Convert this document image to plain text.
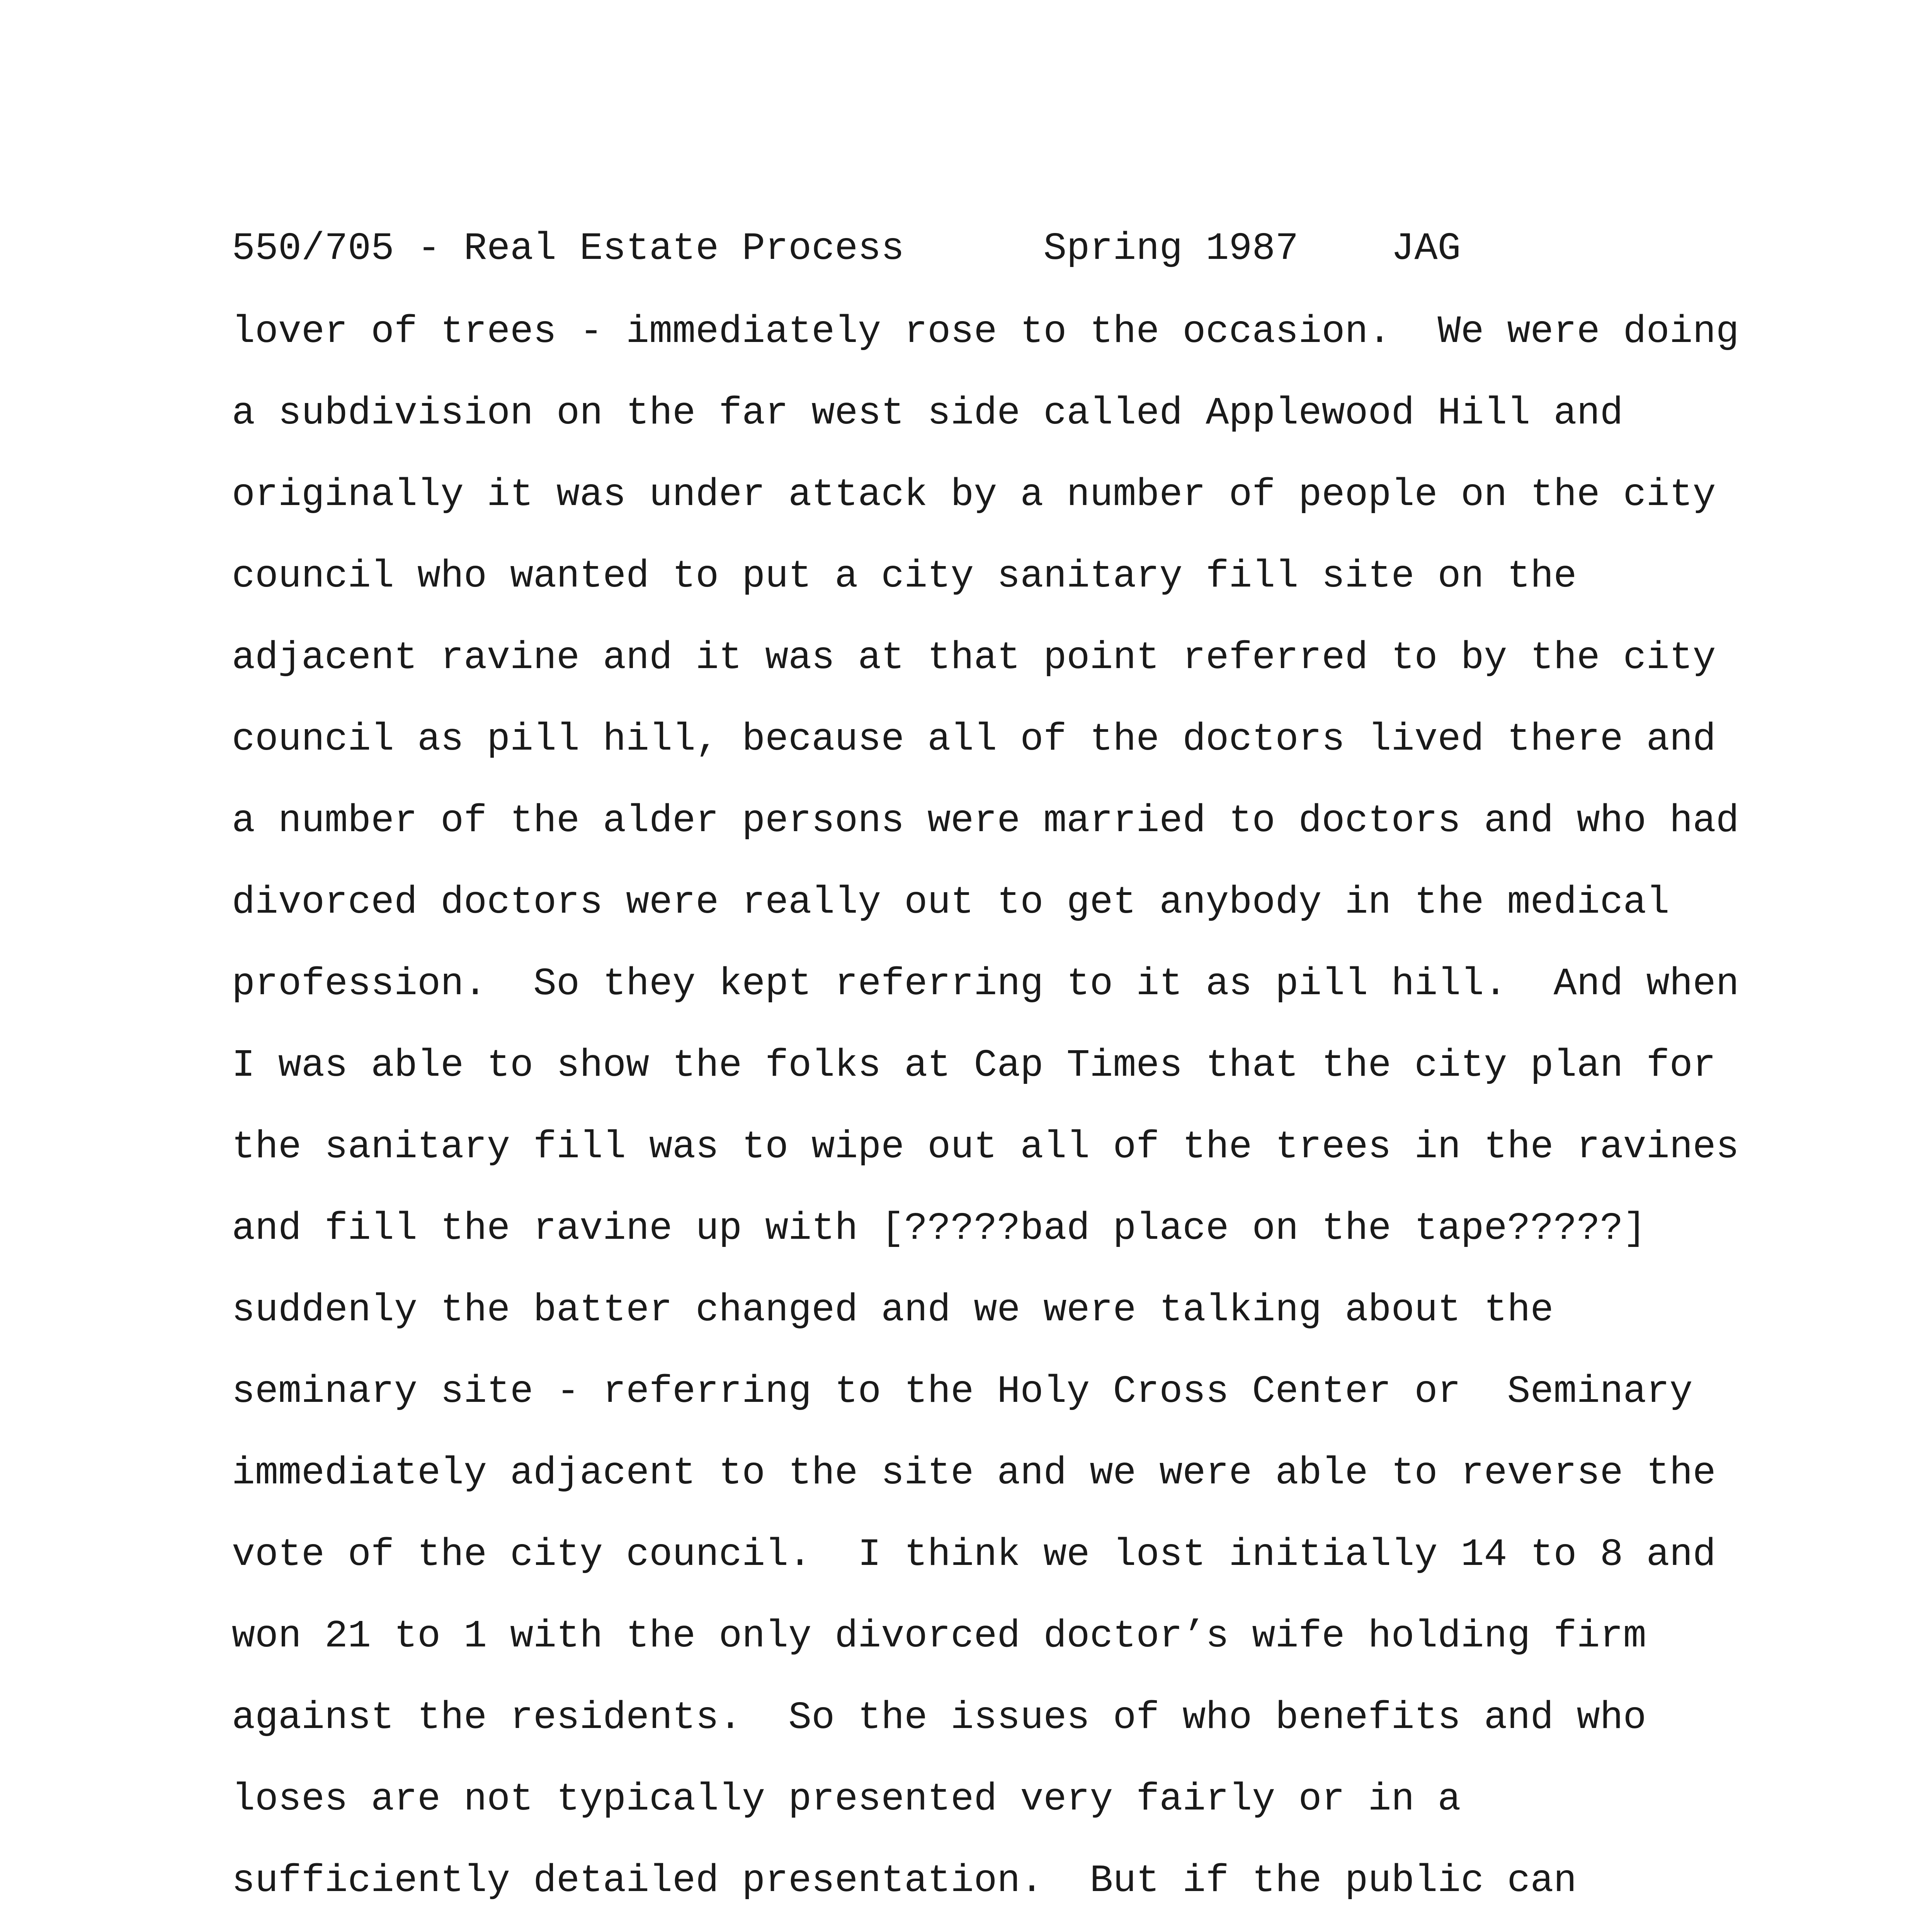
550/705 - Real Estate Process      Spring 1987    JAG
lover of trees - immediately rose to the occasion.  We were doing
a subdivision on the far west side called Applewood Hill and
originally it was under attack by a number of people on the city
council who wanted to put a city sanitary fill site on the
adjacent ravine and it was at that point referred to by the city
council as pill hill, because all of the doctors lived there and
a number of the alder persons were married to doctors and who had
divorced doctors were really out to get anybody in the medical
profession.  So they kept referring to it as pill hill.  And when
I was able to show the folks at Cap Times that the city plan for
the sanitary fill was to wipe out all of the trees in the ravines
and fill the ravine up with [?????bad place on the tape?????]
suddenly the batter changed and we were talking about the
seminary site - referring to the Holy Cross Center or  Seminary
immediately adjacent to the site and we were able to reverse the
vote of the city council.  I think we lost initially 14 to 8 and
won 21 to 1 with the only divorced doctor’s wife holding firm
against the residents.  So the issues of who benefits and who
loses are not typically presented very fairly or in a
sufficiently detailed presentation.  But if the public can
